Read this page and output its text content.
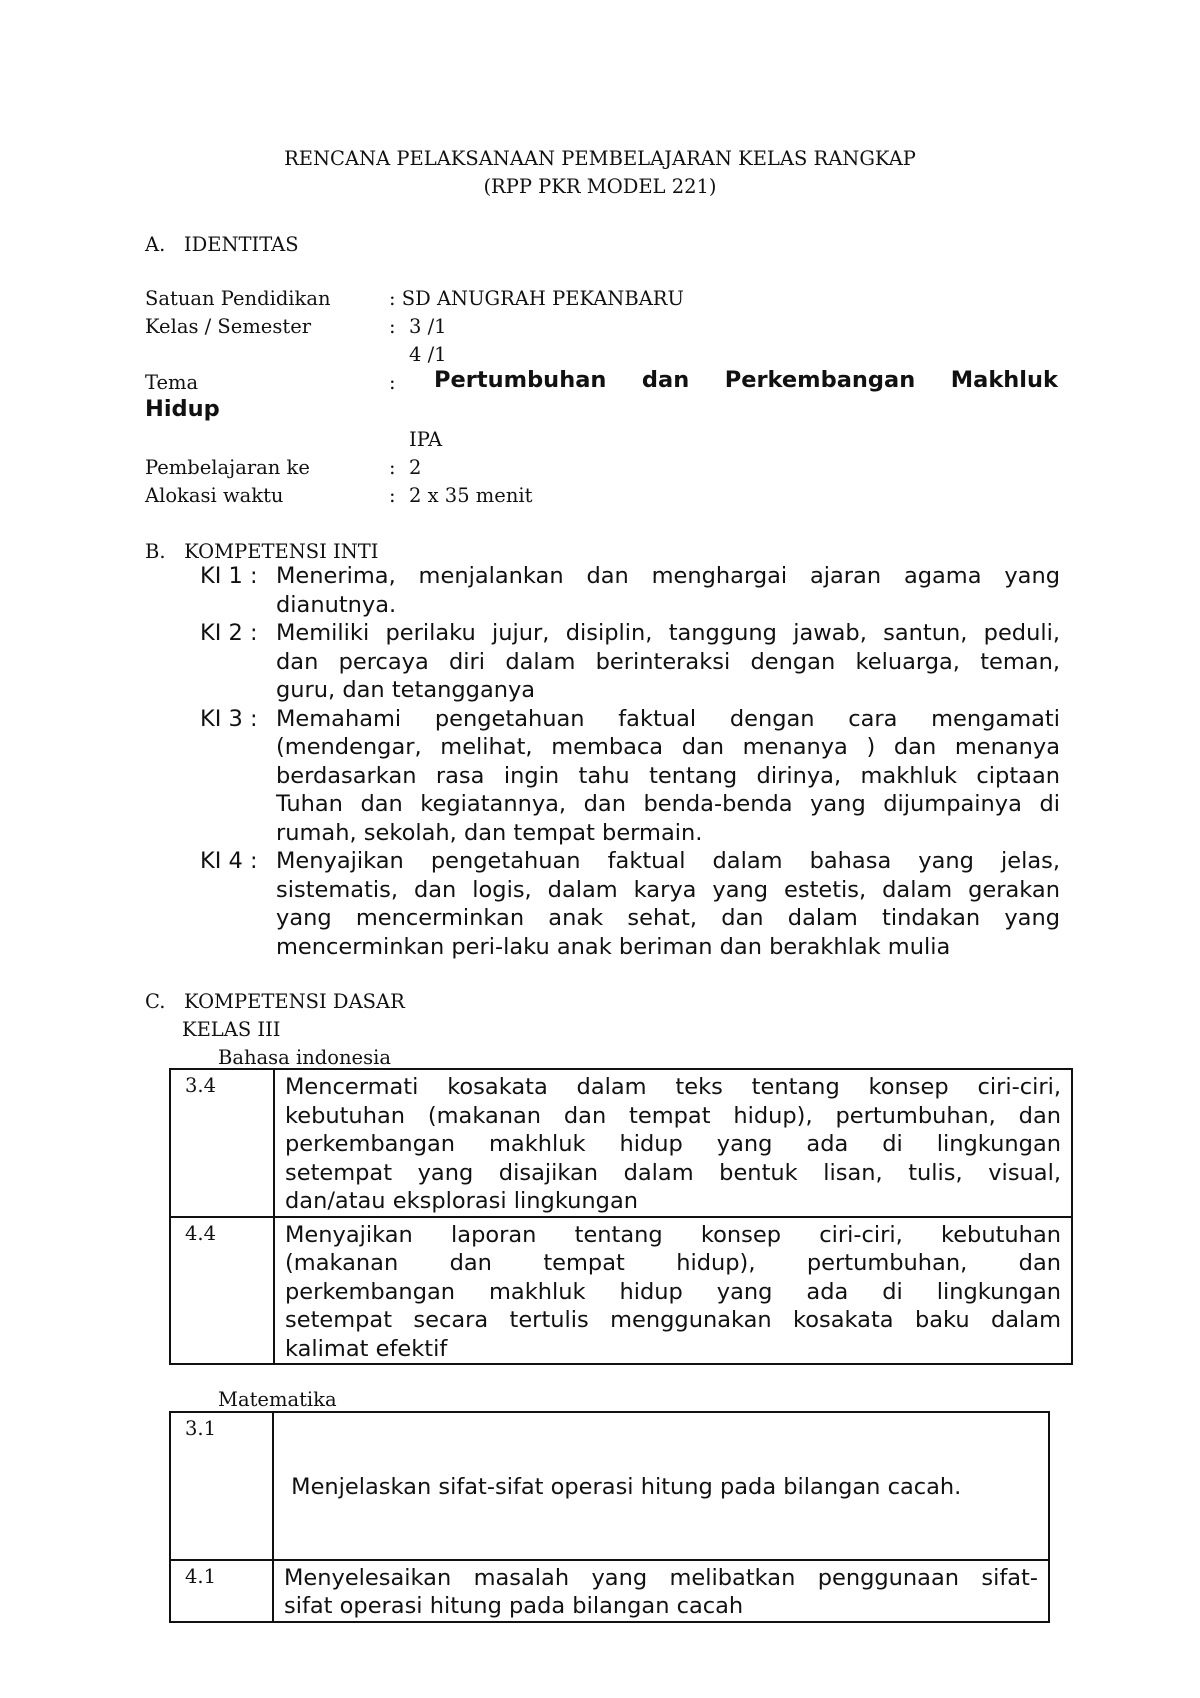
RENCANA PELAKSANAAN PEMBELAJARAN KELAS RANGKAP
(RPP PKR MODEL 221)
A.   IDENTITAS
Satuan Pendidikan	: SD ANUGRAH PEKANBARU
Kelas / Semester	: 3 /1
4 /1
Tema	: Pertumbuhan dan Perkembangan Makhluk
Hidup
IPA
Pembelajaran ke	: 2
Alokasi waktu	: 2 x 35 menit
B.   KOMPETENSI INTI
KI 1 : Menerima, menjalankan dan menghargai ajaran agama yang
dianutnya.
KI 2 : Memiliki perilaku jujur, disiplin, tanggung jawab, santun, peduli,
dan percaya diri dalam berinteraksi dengan keluarga, teman,
guru, dan tetangganya
KI 3 : Memahami pengetahuan faktual dengan cara mengamati
(mendengar, melihat, membaca dan menanya ) dan menanya
berdasarkan rasa ingin tahu tentang dirinya, makhluk ciptaan
Tuhan dan kegiatannya, dan benda-benda yang dijumpainya di
rumah, sekolah, dan tempat bermain.
KI 4 : Menyajikan pengetahuan faktual dalam bahasa yang jelas,
sistematis, dan logis, dalam karya yang estetis, dalam gerakan
yang mencerminkan anak sehat, dan dalam tindakan yang
mencerminkan peri-laku anak beriman dan berakhlak mulia
C.   KOMPETENSI DASAR
KELAS III
Bahasa indonesia
3.4	Mencermati kosakata dalam teks tentang konsep ciri-ciri,
kebutuhan (makanan dan tempat hidup), pertumbuhan, dan
perkembangan makhluk hidup yang ada di lingkungan
setempat yang disajikan dalam bentuk lisan, tulis, visual,
dan/atau eksplorasi lingkungan

4.4	Menyajikan laporan tentang konsep ciri-ciri, kebutuhan
(makanan dan tempat hidup), pertumbuhan, dan
perkembangan makhluk hidup yang ada di lingkungan
setempat secara tertulis menggunakan kosakata baku dalam
kalimat efektif
Matematika
3.1	Menjelaskan sifat-sifat operasi hitung pada bilangan cacah.

4.1	Menyelesaikan masalah yang melibatkan penggunaan sifat-
sifat operasi hitung pada bilangan cacah
